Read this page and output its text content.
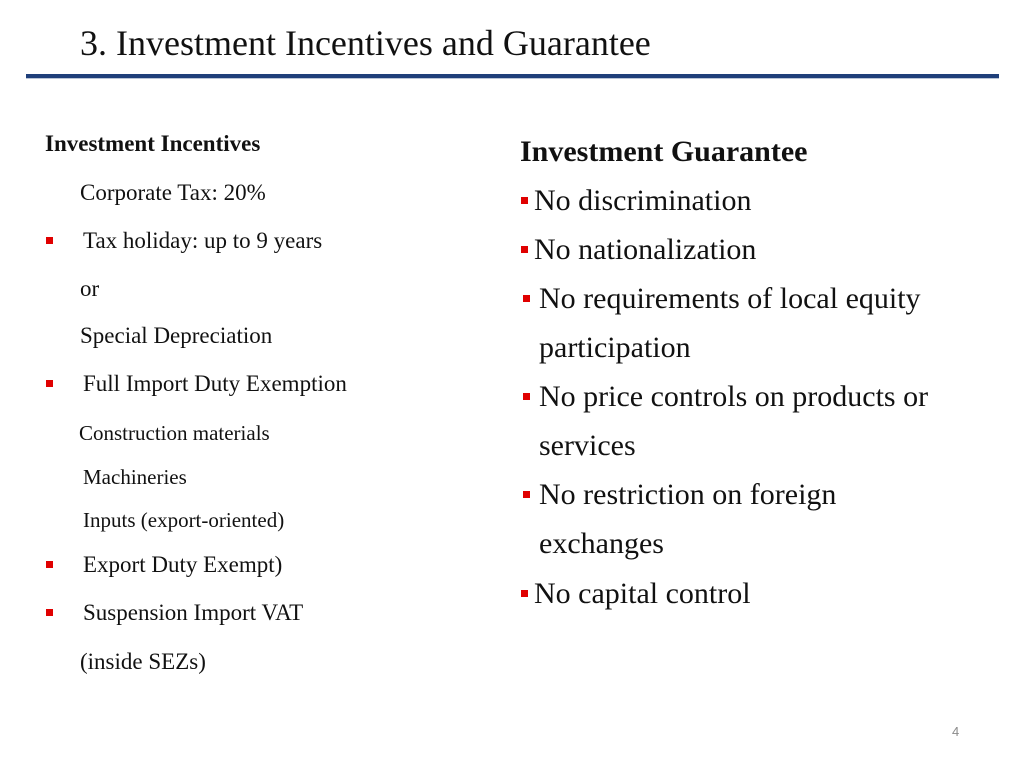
3. Investment Incentives and Guarantee
Investment Incentives
Corporate Tax: 20%
Tax holiday: up to 9 years
or
Special Depreciation
Full Import Duty Exemption
Construction materials
Machineries
Inputs (export-oriented)
Export Duty Exempt)
Suspension Import VAT
(inside SEZs)
Investment Guarantee
No discrimination
No nationalization
No requirements of local equity
participation
No price controls on products or
services
No restriction on foreign
exchanges
No capital control
4
